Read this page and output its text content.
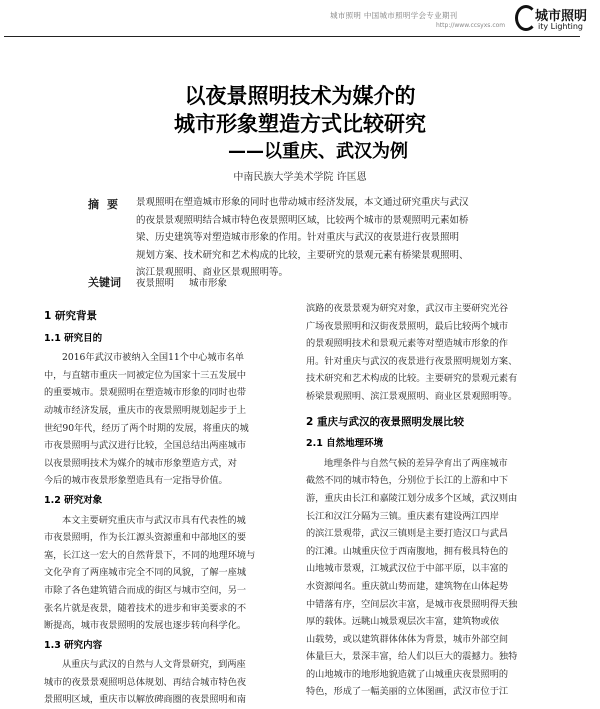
城市照明 中国城市照明学会专业期刊
http://www.ccsyxs.com
城市照明
ity Lighting
以夜景照明技术为媒介的
城市形象塑造方式比较研究
——以重庆、武汉为例
中南民族大学美术学院 许匡恩
摘要 景观照明在塑造城市形象的同时也带动城市经济发展，本文通过研究重庆与武汉
的夜景景观照明结合城市特色夜景照明区域，比较两个城市的景观照明元素如桥
梁、历史建筑等对塑造城市形象的作用。针对重庆与武汉的夜景进行夜景照明
规划方案、技术研究和艺术构成的比较，主要研究的景观元素有桥梁景观照明、
滨江景观照明、商业区景观照明等。
关键词 夜景照明 城市形象
1 研究背景
1.1 研究目的
2016年武汉市被纳入全国11个中心城市名单
中，与直辖市重庆一同被定位为国家十三五发展中
的重要城市。景观照明在塑造城市形象的同时也带
动城市经济发展，重庆市的夜景照明规划起步于上
世纪90年代，经历了两个时期的发展，将重庆的城
市夜景照明与武汉进行比较，全国总结出两座城市
以夜景照明技术为媒介的城市形象塑造方式，对
今后的城市夜景形象塑造具有一定指导价值。
1.2 研究对象
本文主要研究重庆市与武汉市具有代表性的城
市夜景照明，作为长江源头资源重和中部地区的要
塞，长江这一宏大的自然背景下，不同的地理环境与
文化孕育了两座城市完全不同的风貌，了解一座城
市除了各色建筑错合而成的街区与城市空间，另一
张名片就是夜景，随着技术的进步和审美要求的不
断提高，城市夜景照明的发展也逐步转向科学化。
1.3 研究内容
从重庆与武汉的自然与人文背景研究，到两座
城市的夜景景观照明总体规划、再结合城市特色夜
景照明区域，重庆市以解放碑商圈的夜景照明和南
滨路的夜景景观为研究对象，武汉市主要研究光谷
广场夜景照明和汉街夜景照明，最后比较两个城市
的景观照明技术和景观元素等对塑造城市形象的作
用。针对重庆与武汉的夜景进行夜景照明规划方案、
技术研究和艺术构成的比较。主要研究的景观元素有
桥梁景观照明、滨江景观照明、商业区景观照明等。
2 重庆与武汉的夜景照明发展比较
2.1 自然地理环境
地理条件与自然气候的差异孕育出了两座城市
截然不同的城市特色，分别位于长江的上游和中下
游，重庆由长江和嘉陵江划分成多个区域，武汉则由
长江和汉江分隔为三镇。重庆素有建设两江四岸
的滨江景观带，武汉三镇则是主要打造汉口与武昌
的江滩。山城重庆位于西南腹地，拥有极具特色的
山地城市景观，江城武汉位于中部平原，以丰富的
水资源闻名。重庆就山势而建，建筑物在山体起势
中错落有序，空间层次丰富，是城市夜景照明得天独
厚的载体。远眺山城景观层次丰富，建筑物或依
山载势，或以建筑群体体体为背景，城市外部空间
体量巨大，景深丰富，给人们以巨大的震撼力。独特
的山地城市的地形地貌造就了山城重庆夜景照明的
特色，形成了一幅美丽的立体图画，武汉市位于江
